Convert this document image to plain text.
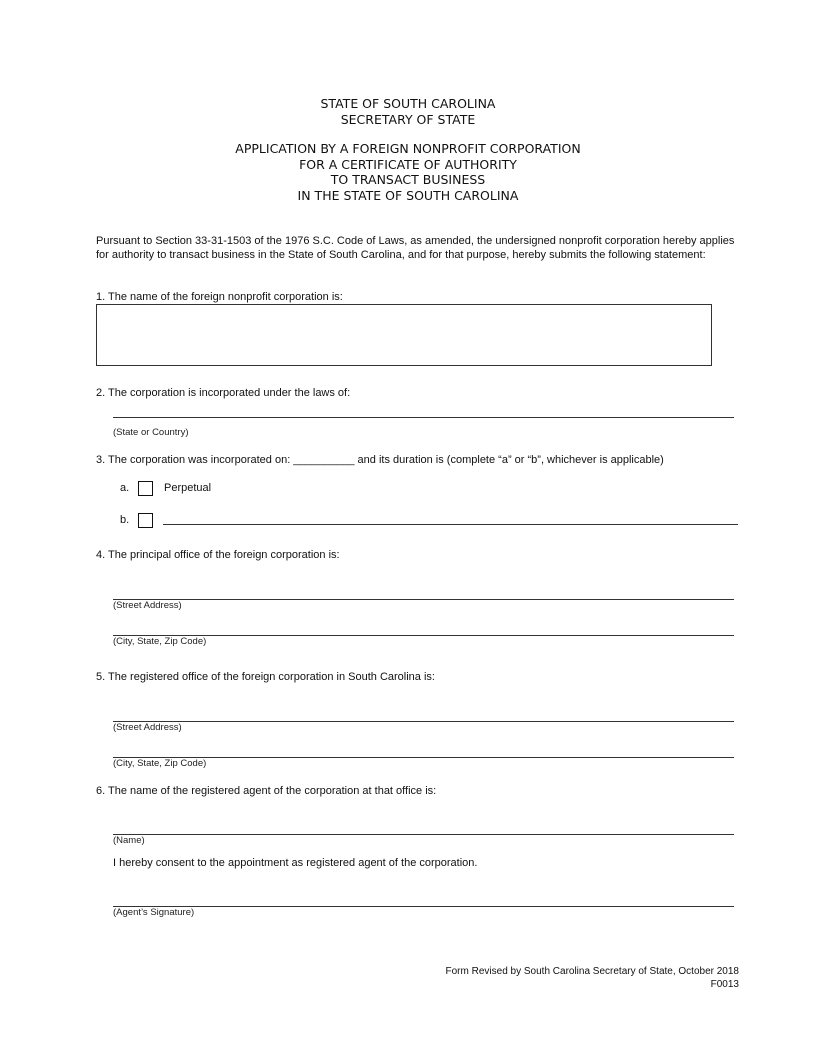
STATE OF SOUTH CAROLINA
SECRETARY OF STATE
APPLICATION BY A FOREIGN NONPROFIT CORPORATION
FOR A CERTIFICATE OF AUTHORITY
TO TRANSACT BUSINESS
IN THE STATE OF SOUTH CAROLINA
Pursuant to Section 33-31-1503 of the 1976 S.C. Code of Laws, as amended, the undersigned nonprofit corporation hereby applies for authority to transact business in the State of South Carolina, and for that purpose, hereby submits the following statement:
1. The name of the foreign nonprofit corporation is:
2. The corporation is incorporated under the laws of:
(State or Country)
3. The corporation was incorporated on: __________ and its duration is (complete “a” or “b”, whichever is applicable)
a.	Perpetual
b.
4. The principal office of the foreign corporation is:
(Street Address)
(City, State, Zip Code)
5. The registered office of the foreign corporation in South Carolina is:
(Street Address)
(City, State, Zip Code)
6. The name of the registered agent of the corporation at that office is:
(Name)
I hereby consent to the appointment as registered agent of the corporation.
(Agent’s Signature)
Form Revised by South Carolina Secretary of State, October 2018
F0013
